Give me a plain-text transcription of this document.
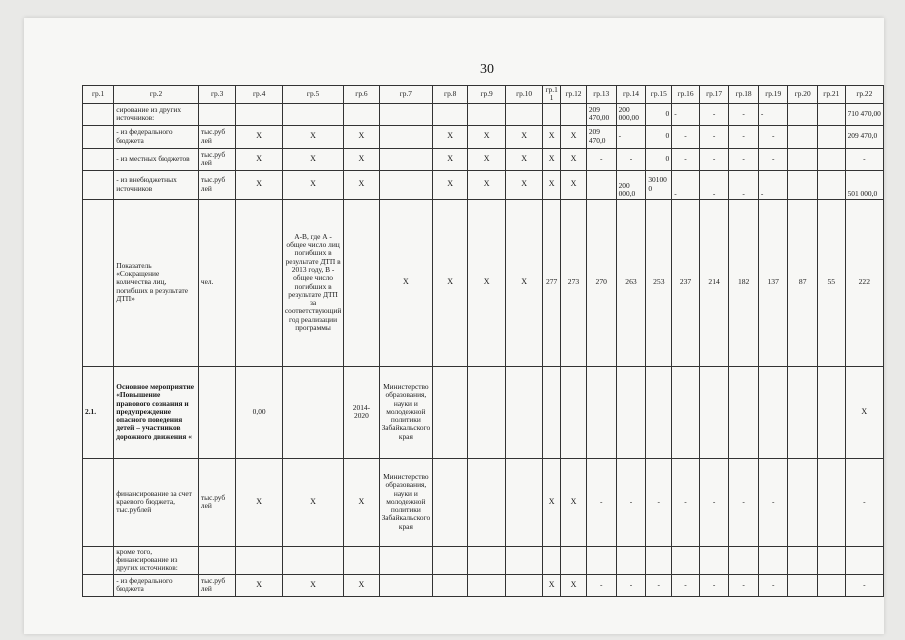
30
гр.1	гр.2	гр.3	гр.4	гр.5	гр.6	гр.7	гр.8	гр.9	гр.10	гр.1 1	гр.12	гр.13	гр.14	гр.15	гр.16	гр.17	гр.18	гр.19	гр.20	гр.21	гр.22
	сирование из других источников:											209 470,00	200 000,00	0	-	-	-	-			710 470,00
	- из федерального бюджета	тыс.руб лей	Х	Х	Х		Х	Х	Х	Х	Х	209 470,0	-	0	-	-	-	-			209 470,0
	- из местных бюджетов	тыс.руб лей	Х	Х	Х		Х	Х	Х	Х	Х	-	-	0	-	-	-	-			-
	- из внебюджетных источников	тыс.руб лей	Х	Х	Х		Х	Х	Х	Х	Х		200 000,0	30100 0	-	-	-	-			501 000,0
	Показатель «Сокращение количества лиц, погибших в результате ДТП»	чел.		А-В, где А - общее число лиц погибших в результате ДТП в 2013 году, В - общее число погибших в результате ДТП за соответствующий год реализации программы		Х	Х	Х	Х	277	273	270	263	253	237	214	182	137	87	55	222
2.1.	Основное мероприятие «Повышение правового сознания и предупреждение опасного поведения детей – участников дорожного движения «		0,00		2014-2020	Министерство образования, науки и молодежной политики Забайкальского края															Х
	финансирование за счет краевого бюджета, тыс.рублей	тыс.руб лей	Х	Х	Х	Министерство образования, науки и молодежной политики Забайкальского края				Х	Х	-	-	-	-	-	-	-			-
	кроме того, финансирование из других источников:																				
	- из федерального бюджета	тыс.руб лей	Х	Х	Х					Х	Х	-	-	-	-	-	-	-			-
